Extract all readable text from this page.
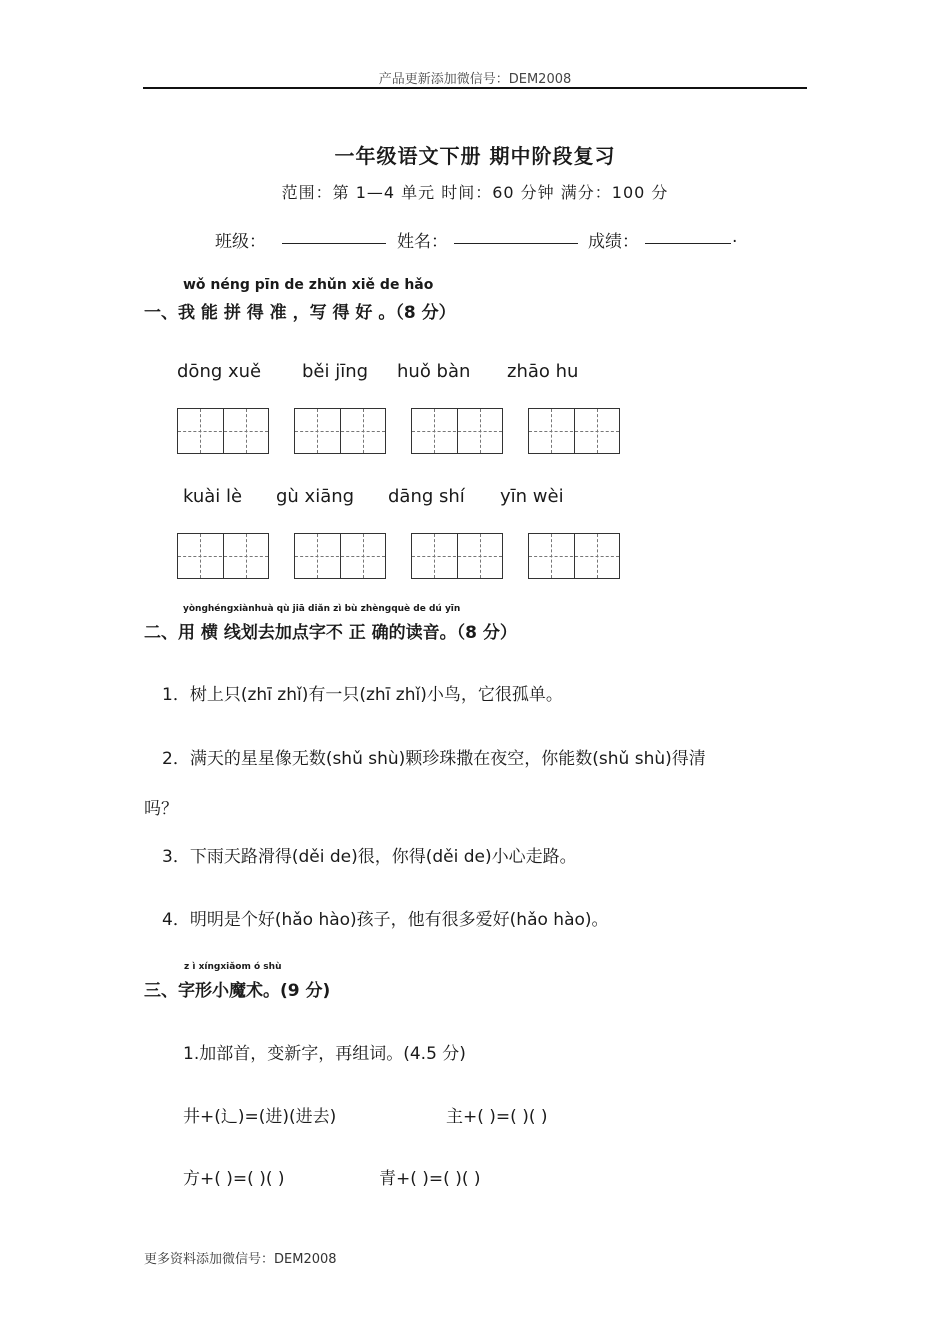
产品更新添加微信号：DEM2008
一年级语文下册 期中阶段复习
范围：第 1—4 单元 时间：60 分钟 满分：100 分
班级：	姓名：	成绩：	.
wǒ néng pīn de zhǔn xiě de hǎo
一、我 能 拼 得 准 ，写 得 好 。（8 分）
dōng xuě běi jīng huǒ bàn zhāo hu
kuài lè gù xiāng dāng shí yīn wèi
yònghéngxiànhuà qù jiā diǎn zì bù zhèngquè de dú yīn
二、用 横 线划去加点字不 正 确的读音。（8 分）
1．树上只(zhī zhǐ)有一只(zhī zhǐ)小鸟，它很孤单。
2．满天的星星像无数(shǔ shù)颗珍珠撒在夜空，你能数(shǔ shù)得清
吗？
3．下雨天路滑得(děi de)很，你得(děi de)小心走路。
4．明明是个好(hǎo hào)孩子，他有很多爱好(hǎo hào)。
z ì xíngxiǎom ó shù
三、字形小魔术。(9 分)
1.加部首，变新字，再组词。(4.5 分)
井+(辶)=(进)(进去)	主+( )=( )( )
方+( )=( )( )	青+( )=( )( )
更多资料添加微信号：DEM2008
